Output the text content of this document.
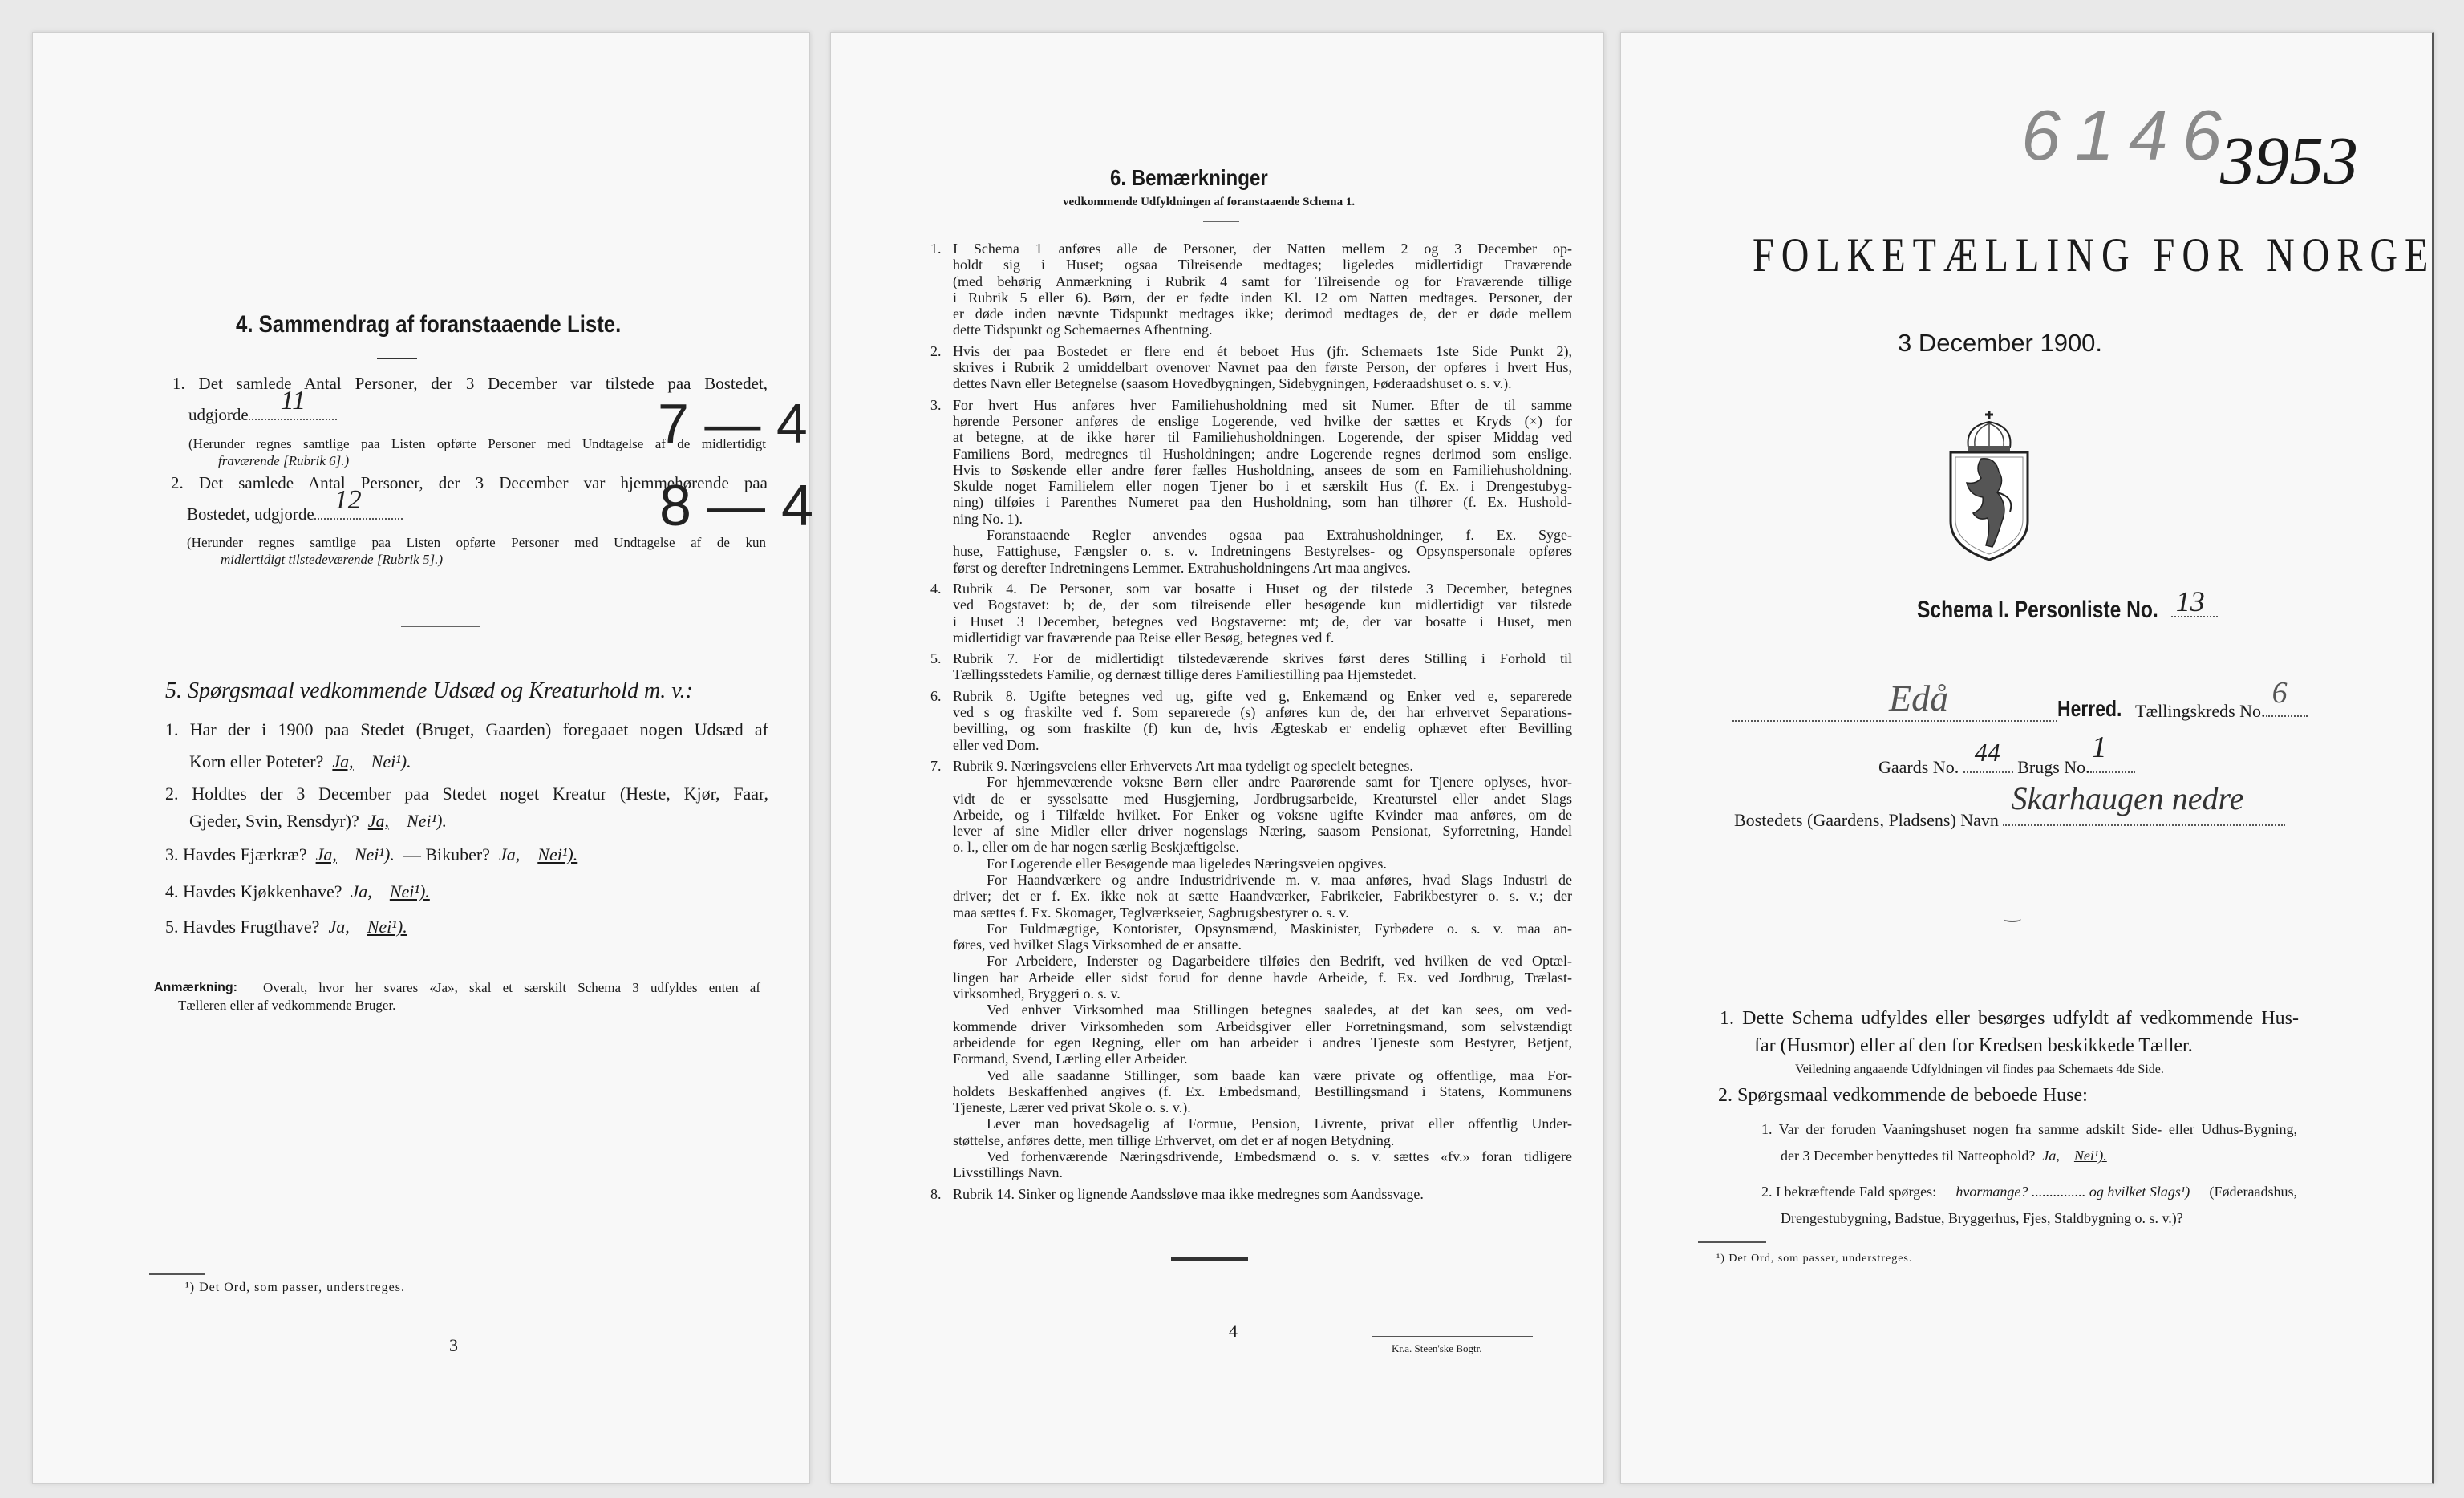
4. Sammendrag af foranstaaende Liste.
1. Det samlede Antal Personer, der 3 December var tilstede paa Bostedet,
udgjorde 11
(Herunder regnes samtlige paa Listen opførte Personer med Undtagelse af de midlertidigt
fraværende [Rubrik 6].)
7 — 4
2. Det samlede Antal Personer, der 3 December var hjemmehørende paa
Bostedet, udgjorde 12
(Herunder regnes samtlige paa Listen opførte Personer med Undtagelse af de kun
midlertidigt tilstedeværende [Rubrik 5].)
8 — 4
5. Spørgsmaal vedkommende Udsæd og Kreaturhold m. v.:
1. Har der i 1900 paa Stedet (Bruget, Gaarden) foregaaet nogen Udsæd af
Korn eller Poteter? Ja, Nei¹).
2. Holdtes der 3 December paa Stedet noget Kreatur (Heste, Kjør, Faar,
Gjeder, Svin, Rensdyr)? Ja, Nei¹).
3. Havdes Fjærkræ? Ja, Nei¹). — Bikuber? Ja, Nei¹).
4. Havdes Kjøkkenhave? Ja, Nei¹).
5. Havdes Frugthave? Ja, Nei¹).
Anmærkning: Overalt, hvor her svares «Ja», skal et særskilt Schema 3 udfyldes enten af
Tælleren eller af vedkommende Bruger.
¹) Det Ord, som passer, understreges.
3
6. Bemærkninger
vedkommende Udfyldningen af foranstaaende Schema 1.
1. I Schema 1 anføres alle de Personer, der Natten mellem 2 og 3 December op-
holdt sig i Huset; ogsaa Tilreisende medtages; ligeledes midlertidigt Fraværende
(med behørig Anmærkning i Rubrik 4 samt for Tilreisende og for Fraværende tillige
i Rubrik 5 eller 6). Børn, der er fødte inden Kl. 12 om Natten medtages. Personer, der
er døde inden nævnte Tidspunkt medtages ikke; derimod medtages de, der er døde mellem
dette Tidspunkt og Schemaernes Afhentning.
2. Hvis der paa Bostedet er flere end ét beboet Hus (jfr. Schemaets 1ste Side Punkt 2),
skrives i Rubrik 2 umiddelbart ovenover Navnet paa den første Person, der opføres i hvert Hus,
dettes Navn eller Betegnelse (saasom Hovedbygningen, Sidebygningen, Føderaadshuset o. s. v.).
3. For hvert Hus anføres hver Familiehusholdning med sit Numer. Efter de til samme
hørende Personer anføres de enslige Logerende, ved hvilke der sættes et Kryds (×) for
at betegne, at de ikke hører til Familiehusholdningen. Logerende, der spiser Middag ved
Familiens Bord, medregnes til Husholdningen; andre Logerende regnes derimod som enslige.
Hvis to Søskende eller andre fører fælles Husholdning, ansees de som en Familiehusholdning.
Skulde noget Familielem eller nogen Tjener bo i et særskilt Hus (f. Ex. i Drengestubyg-
ning) tilføies i Parenthes Numeret paa den Husholdning, som han tilhører (f. Ex. Hushold-
ning No. 1).
Foranstaaende Regler anvendes ogsaa paa Extrahusholdninger, f. Ex. Syge-
huse, Fattighuse, Fængsler o. s. v. Indretningens Bestyrelses- og Opsynspersonale opføres
først og derefter Indretningens Lemmer. Extrahusholdningens Art maa angives.
4. Rubrik 4. De Personer, som var bosatte i Huset og der tilstede 3 December, betegnes
ved Bogstavet: b; de, der som tilreisende eller besøgende kun midlertidigt var tilstede
i Huset 3 December, betegnes ved Bogstaverne: mt; de, der var bosatte i Huset, men
midlertidigt var fraværende paa Reise eller Besøg, betegnes ved f.
5. Rubrik 7. For de midlertidigt tilstedeværende skrives først deres Stilling i Forhold til
Tællingsstedets Familie, og dernæst tillige deres Familiestilling paa Hjemstedet.
6. Rubrik 8. Ugifte betegnes ved ug, gifte ved g, Enkemænd og Enker ved e, separerede
ved s og fraskilte ved f. Som separerede (s) anføres kun de, der har erhvervet Separations-
bevilling, og som fraskilte (f) kun de, hvis Ægteskab er endelig ophævet efter Bevilling
eller ved Dom.
7. Rubrik 9. Næringsveiens eller Erhvervets Art maa tydeligt og specielt betegnes.
For hjemmeværende voksne Børn eller andre Paarørende samt for Tjenere oplyses, hvor-
vidt de er sysselsatte med Husgjerning, Jordbrugsarbeide, Kreaturstel eller andet Slags
Arbeide, og i Tilfælde hvilket. For Enker og voksne ugifte Kvinder maa anføres, om de
lever af sine Midler eller driver nogenslags Næring, saasom Pensionat, Syforretning, Handel
o. l., eller om de har nogen særlig Beskjæftigelse.
For Logerende eller Besøgende maa ligeledes Næringsveien opgives.
For Haandværkere og andre Industridrivende m. v. maa anføres, hvad Slags Industri de
driver; det er f. Ex. ikke nok at sætte Haandværker, Fabrikeier, Fabrikbestyrer o. s. v.; der
maa sættes f. Ex. Skomager, Teglværkseier, Sagbrugsbestyrer o. s. v.
For Fuldmægtige, Kontorister, Opsynsmænd, Maskinister, Fyrbødere o. s. v. maa an-
føres, ved hvilket Slags Virksomhed de er ansatte.
For Arbeidere, Inderster og Dagarbeidere tilføies den Bedrift, ved hvilken de ved Optæl-
lingen har Arbeide eller sidst forud for denne havde Arbeide, f. Ex. ved Jordbrug, Trælast-
virksomhed, Bryggeri o. s. v.
Ved enhver Virksomhed maa Stillingen betegnes saaledes, at det kan sees, om ved-
kommende driver Virksomheden som Arbeidsgiver eller Forretningsmand, som selvstændigt
arbeidende for egen Regning, eller om han arbeider i andres Tjeneste som Bestyrer, Betjent,
Formand, Svend, Lærling eller Arbeider.
Ved alle saadanne Stillinger, som baade kan være private og offentlige, maa For-
holdets Beskaffenhed angives (f. Ex. Embedsmand, Bestillingsmand i Statens, Kommunens
Tjeneste, Lærer ved privat Skole o. s. v.).
Lever man hovedsagelig af Formue, Pension, Livrente, privat eller offentlig Under-
støttelse, anføres dette, men tillige Erhvervet, om det er af nogen Betydning.
Ved forhenværende Næringsdrivende, Embedsmænd o. s. v. sættes «fv.» foran tidligere
Livsstillings Navn.
8. Rubrik 14. Sinker og lignende Aandssløve maa ikke medregnes som Aandssvage.
4
Kr.a. Steen'ske Bogtr.
6146
3953
FOLKETÆLLING FOR NORGE
3 December 1900.
Schema I. Personliste No. 13
Edå	Herred. Tællingskreds No.
6
Gaards No.
44
Brugs No.
1
Bostedets (Gaardens, Pladsens) Navn
Skarhaugen nedre
1. Dette Schema udfyldes eller besørges udfyldt af vedkommende Hus-
far (Husmor) eller af den for Kredsen beskikkede Tæller.
Veiledning angaaende Udfyldningen vil findes paa Schemaets 4de Side.
2. Spørgsmaal vedkommende de beboede Huse:
1. Var der foruden Vaaningshuset nogen fra samme adskilt Side- eller Udhus-Bygning,
der 3 December benyttedes til Natteophold? Ja, Nei¹).
2. I bekræftende Fald spørges: hvormange? ............... og hvilket Slags¹) (Føderaadshus,
Drengestubygning, Badstue, Bryggerhus, Fjes, Staldbygning o. s. v.)?
¹) Det Ord, som passer, understreges.
